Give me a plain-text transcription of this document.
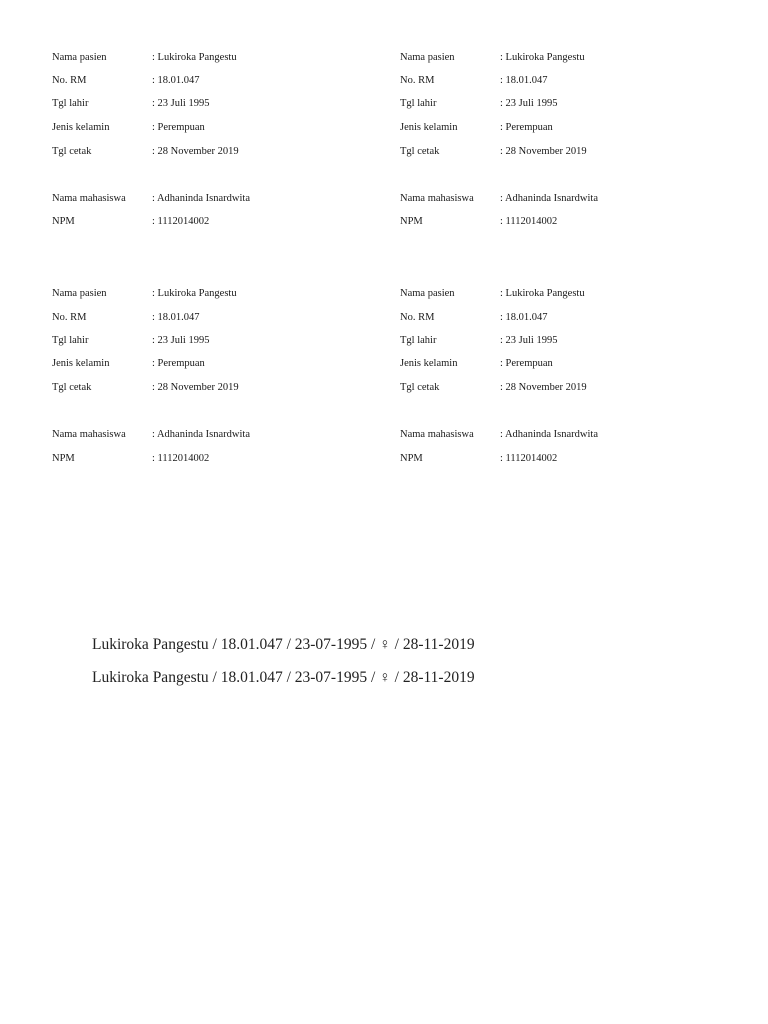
Nama pasien	: Lukiroka Pangestu
No. RM	: 18.01.047
Tgl lahir	: 23 Juli 1995
Jenis kelamin	: Perempuan
Tgl cetak	: 28 November 2019
Nama mahasiswa	: Adhaninda Isnardwita
NPM	: 1112014002
Nama pasien	: Lukiroka Pangestu
No. RM	: 18.01.047
Tgl lahir	: 23 Juli 1995
Jenis kelamin	: Perempuan
Tgl cetak	: 28 November 2019
Nama mahasiswa	: Adhaninda Isnardwita
NPM	: 1112014002
Nama pasien	: Lukiroka Pangestu
No. RM	: 18.01.047
Tgl lahir	: 23 Juli 1995
Jenis kelamin	: Perempuan
Tgl cetak	: 28 November 2019
Nama mahasiswa	: Adhaninda Isnardwita
NPM	: 1112014002
Nama pasien	: Lukiroka Pangestu
No. RM	: 18.01.047
Tgl lahir	: 23 Juli 1995
Jenis kelamin	: Perempuan
Tgl cetak	: 28 November 2019
Nama mahasiswa	: Adhaninda Isnardwita
NPM	: 1112014002
Lukiroka Pangestu / 18.01.047 / 23-07-1995 / ♀ / 28-11-2019
Lukiroka Pangestu / 18.01.047 / 23-07-1995 / ♀ / 28-11-2019
